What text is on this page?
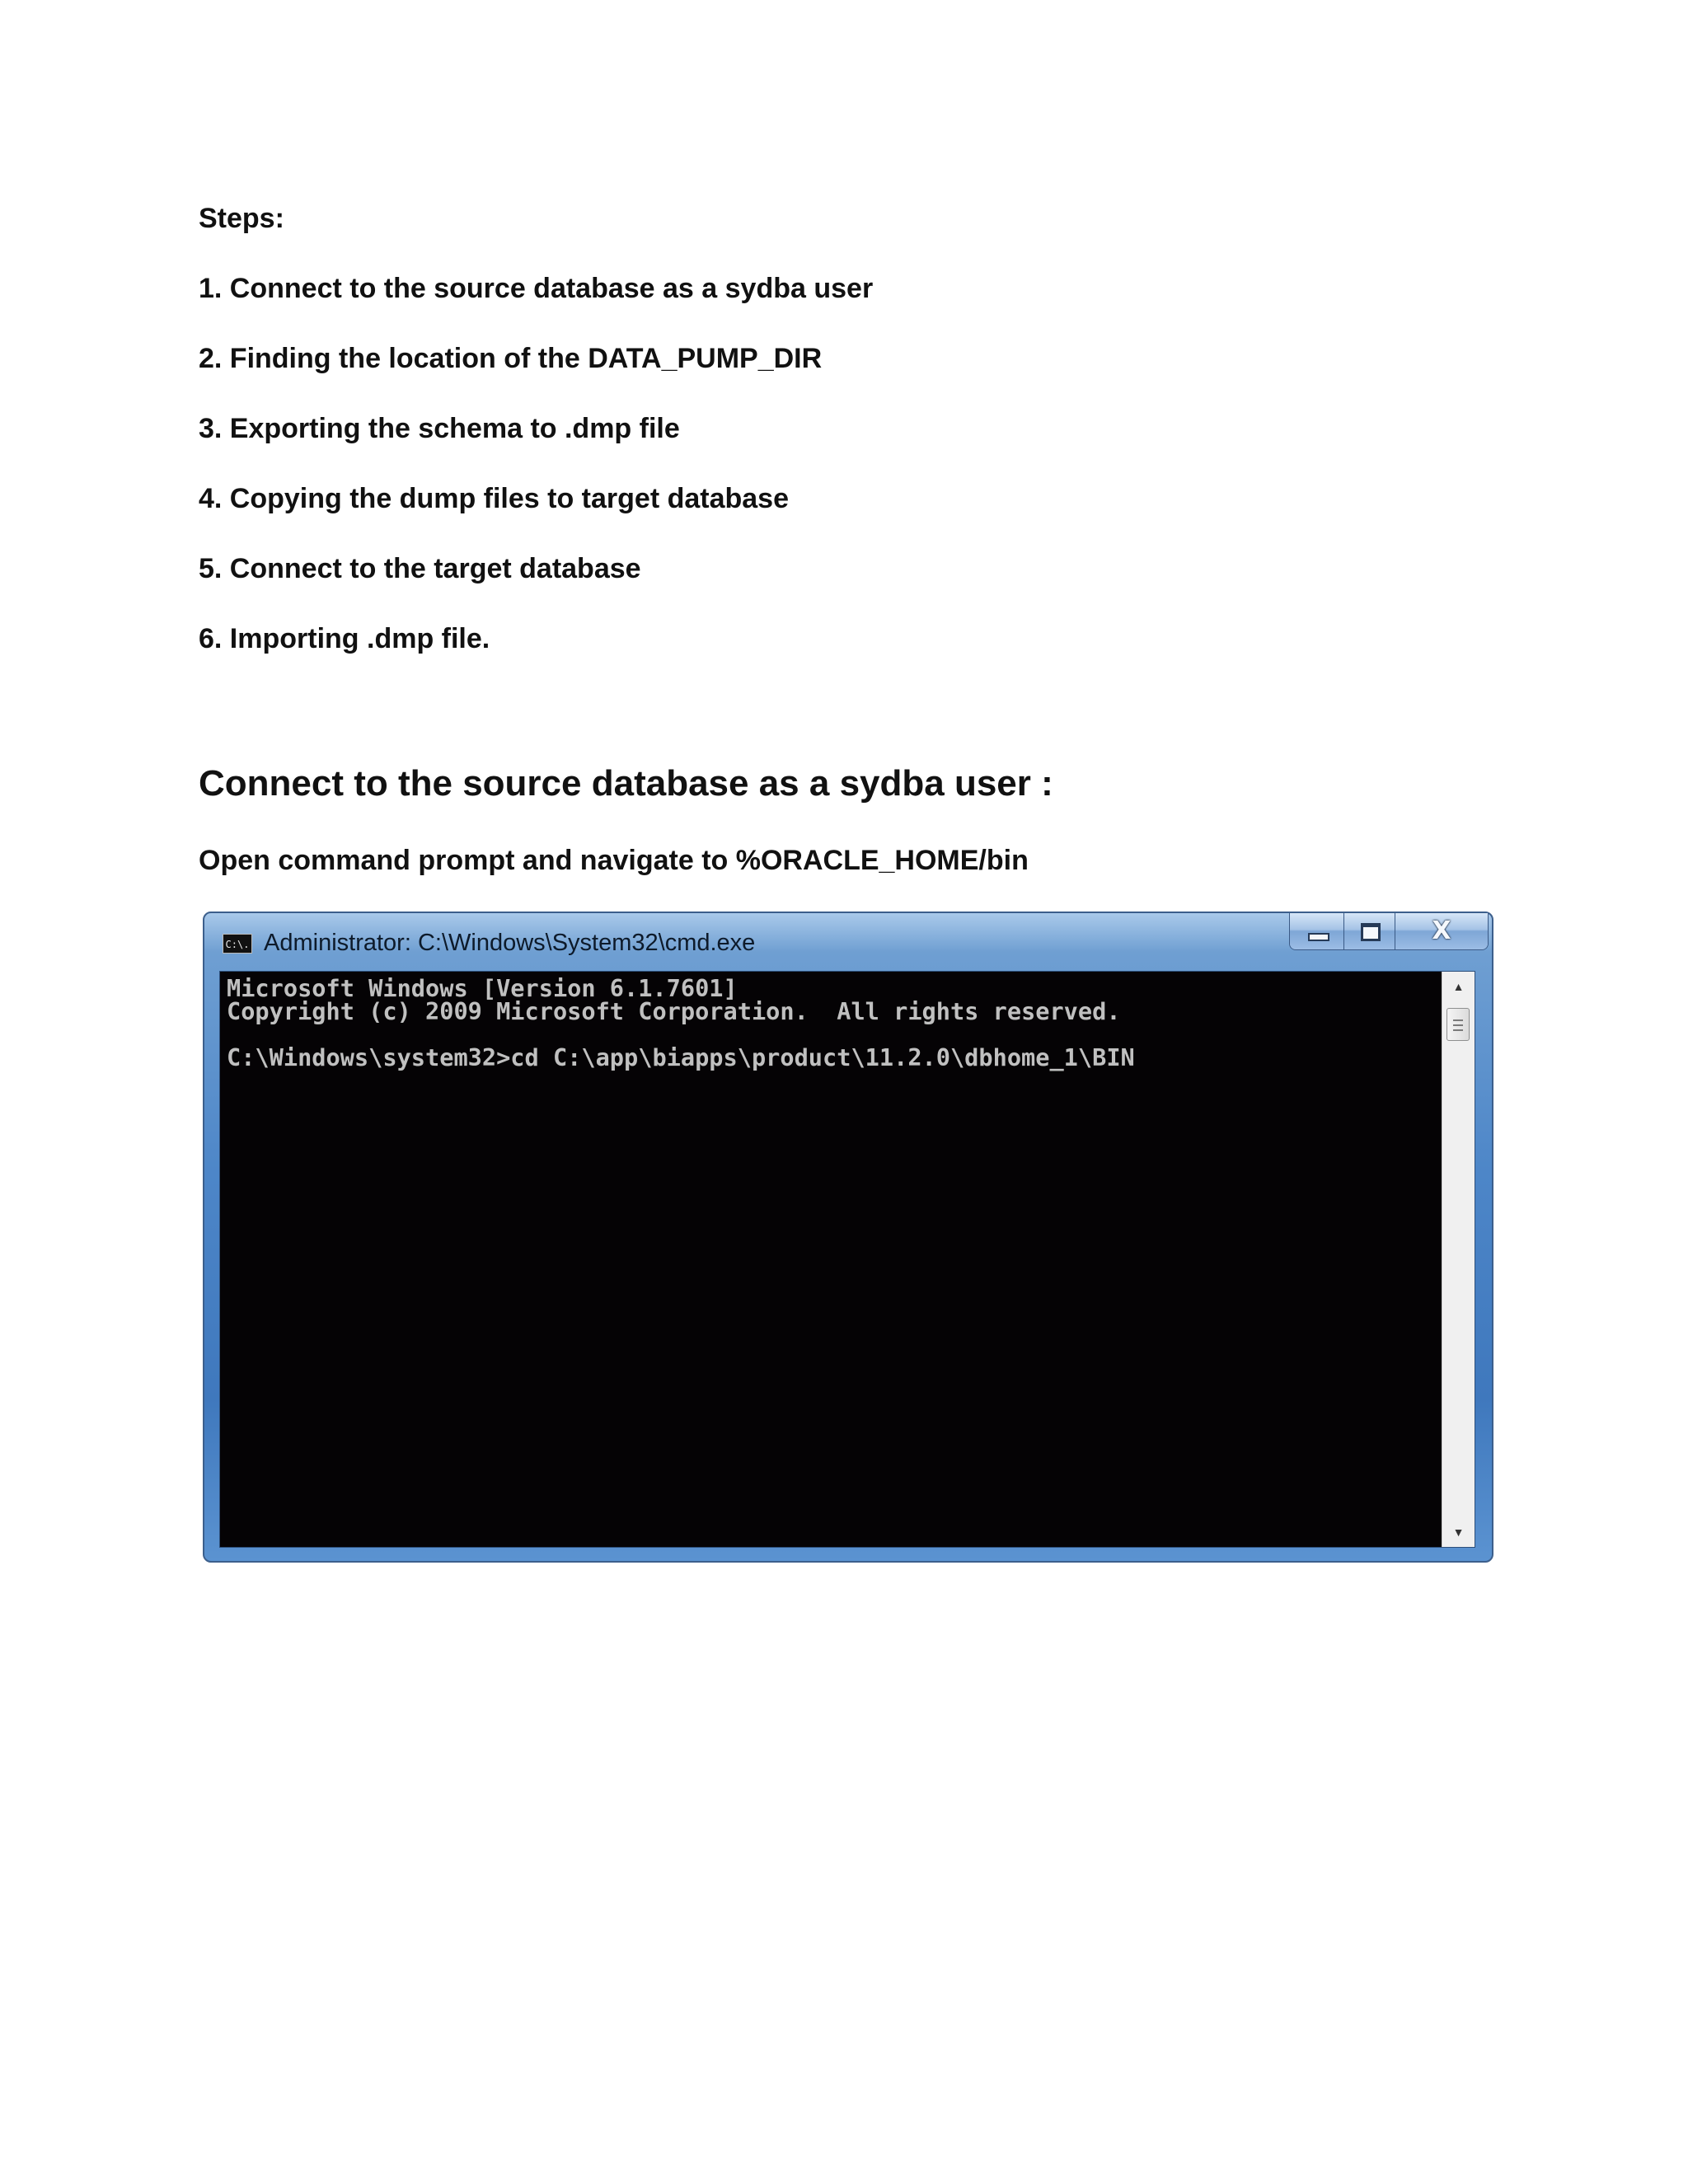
Steps:

1. Connect to the source database as a sydba user

2. Finding the location of the DATA_PUMP_DIR

3. Exporting the schema to .dmp file

4. Copying the dump files to target database

5. Connect to the target database

6. Importing .dmp file.

Connect to the source database as a sydba user :

Open command prompt and navigate to %ORACLE_HOME/bin

C:\. Administrator: C:\Windows\System32\cmd.exe	X
Microsoft Windows [Version 6.1.7601]
Copyright (c) 2009 Microsoft Corporation.  All rights reserved.

C:\Windows\system32>cd C:\app\biapps\product\11.2.0\dbhome_1\BIN
▲
▼
